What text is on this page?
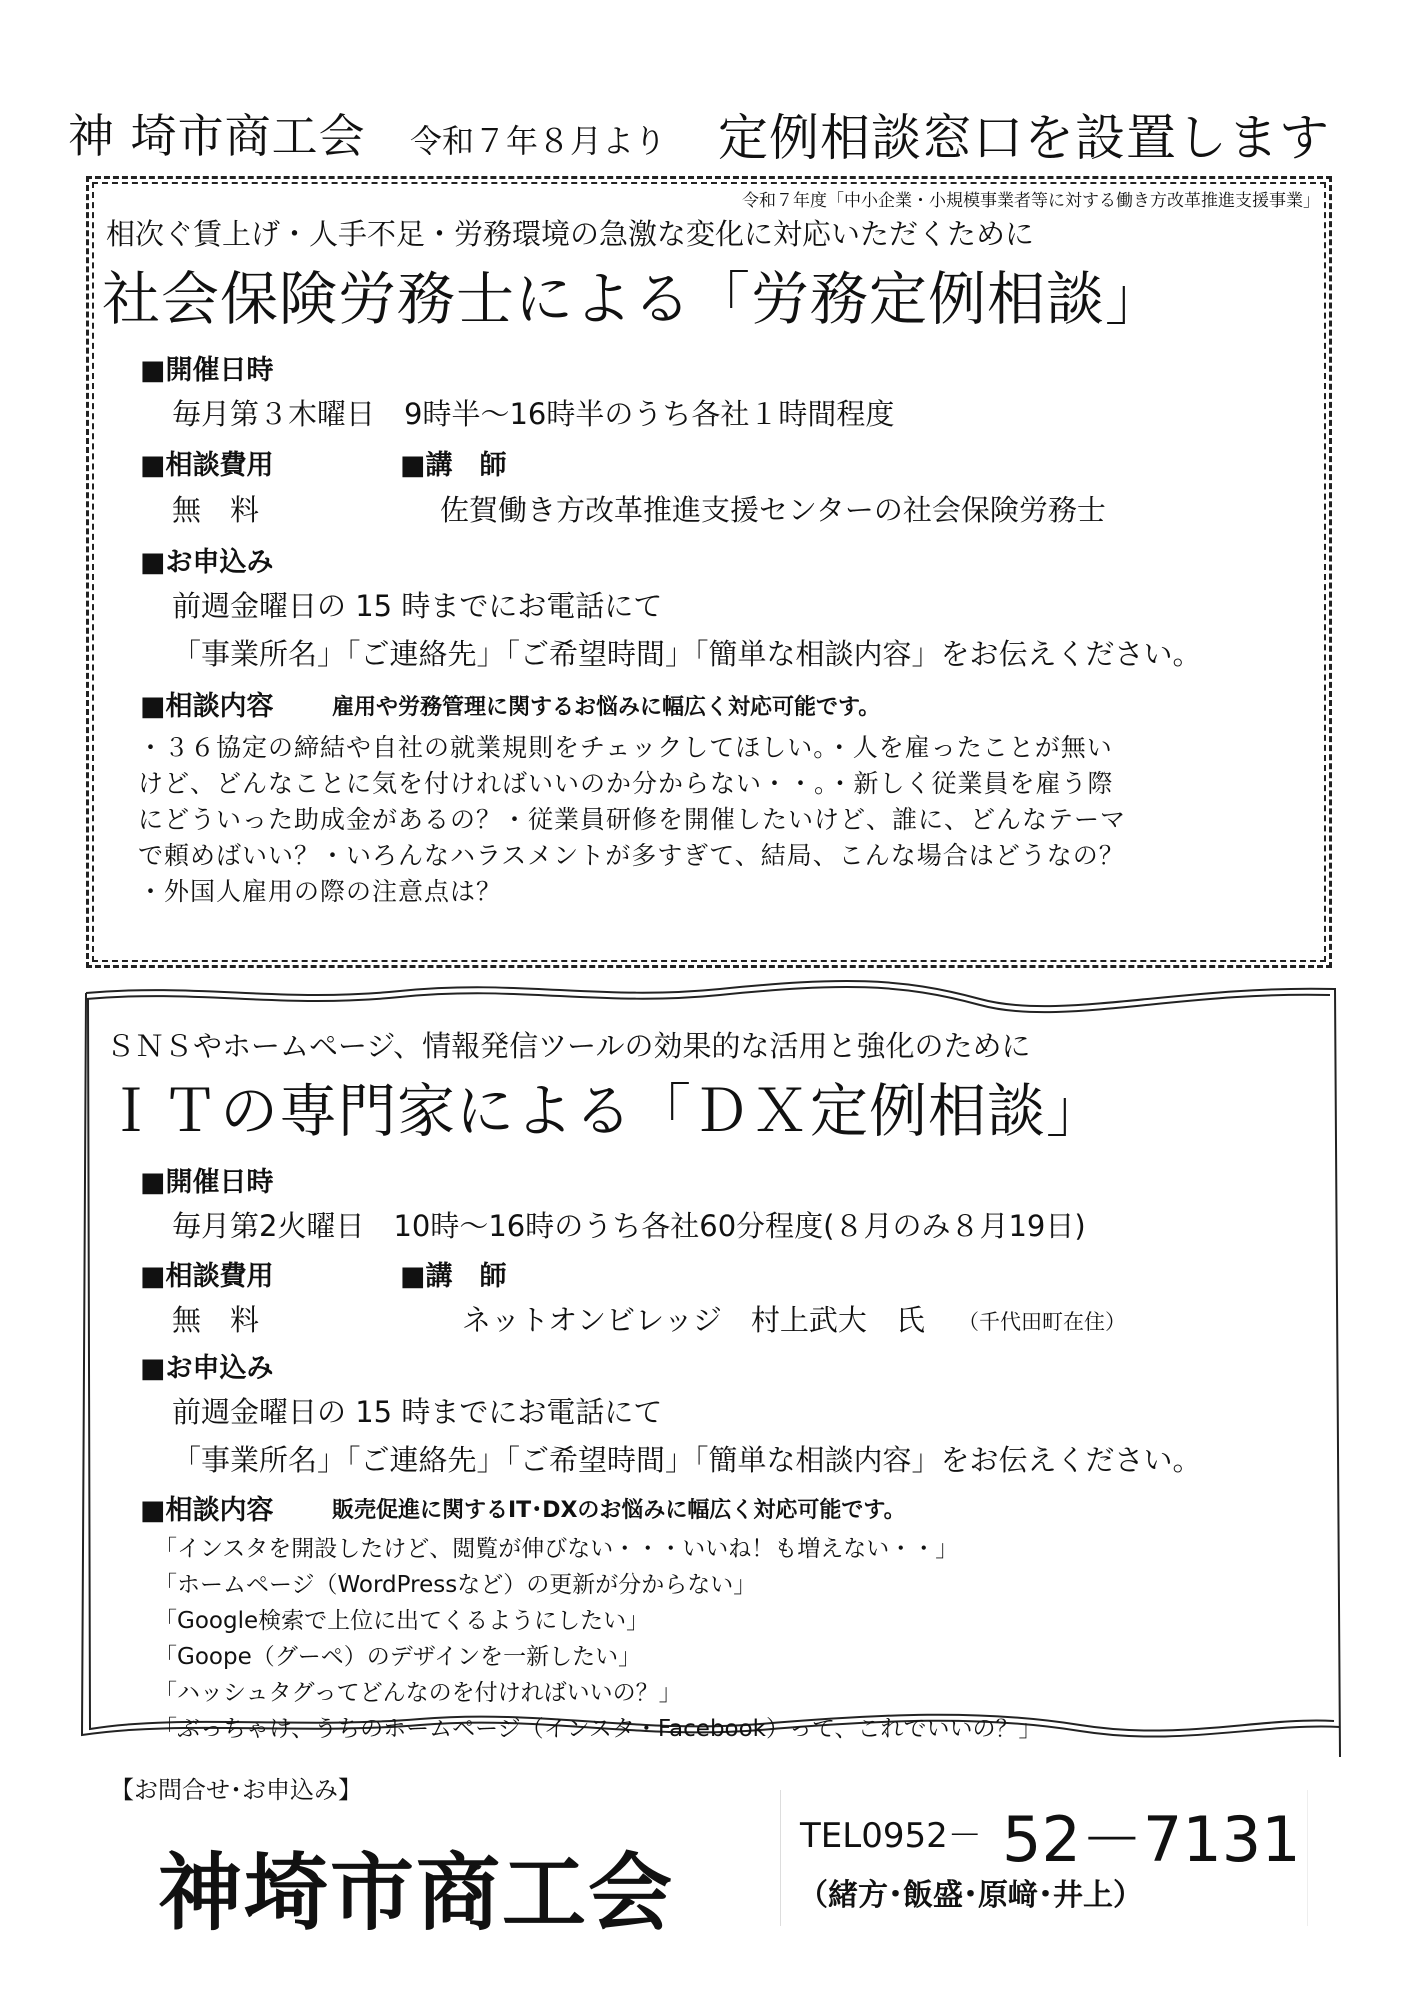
神 埼市商工会 令和７年８月より 定例相談窓口を設置します
令和７年度「中小企業・小規模事業者等に対する働き方改革推進支援事業」
相次ぐ賃上げ・人手不足・労務環境の急激な変化に対応いただくために
社会保険労務士による「労務定例相談」
■開催日時
毎月第３木曜日　9時半～16時半のうち各社１時間程度
■相談費用	■講　師
無　料	佐賀働き方改革推進支援センターの社会保険労務士
■お申込み
前週金曜日の 15 時までにお電話にて
「事業所名」「ご連絡先」「ご希望時間」「簡単な相談内容」をお伝えください。
■相談内容	雇用や労務管理に関するお悩みに幅広く対応可能です。
・３６協定の締結や自社の就業規則をチェックしてほしい。・人を雇ったことが無い
けど、どんなことに気を付ければいいのか分からない・・。・新しく従業員を雇う際
にどういった助成金があるの？・従業員研修を開催したいけど、誰に、どんなテーマ
で頼めばいい？・いろんなハラスメントが多すぎて、結局、こんな場合はどうなの？
・外国人雇用の際の注意点は？
ＳＮＳやホームページ、情報発信ツールの効果的な活用と強化のために
ＩＴの専門家による「ＤＸ定例相談」
■開催日時
毎月第2火曜日　10時～16時のうち各社60分程度(８月のみ８月19日)
■相談費用	■講　師
無　料	ネットオンビレッジ　村上武大　氏 （千代田町在住）
■お申込み
前週金曜日の 15 時までにお電話にて
「事業所名」「ご連絡先」「ご希望時間」「簡単な相談内容」をお伝えください。
■相談内容	販売促進に関するIT･DXのお悩みに幅広く対応可能です。
「インスタを開設したけど、閲覧が伸びない・・・いいね！も増えない・・」
「ホームページ（WordPressなど）の更新が分からない」
「Google検索で上位に出てくるようにしたい」
「Goope（グーペ）のデザインを一新したい」
「ハッシュタグってどんなのを付ければいいの？」
「ぶっちゃけ、うちのホームページ（インスタ・Facebook）って、これでいいの？」
【お問合せ･お申込み】
神埼市商工会
TEL0952－ 52－7131
（緒方･飯盛･原﨑･井上）
